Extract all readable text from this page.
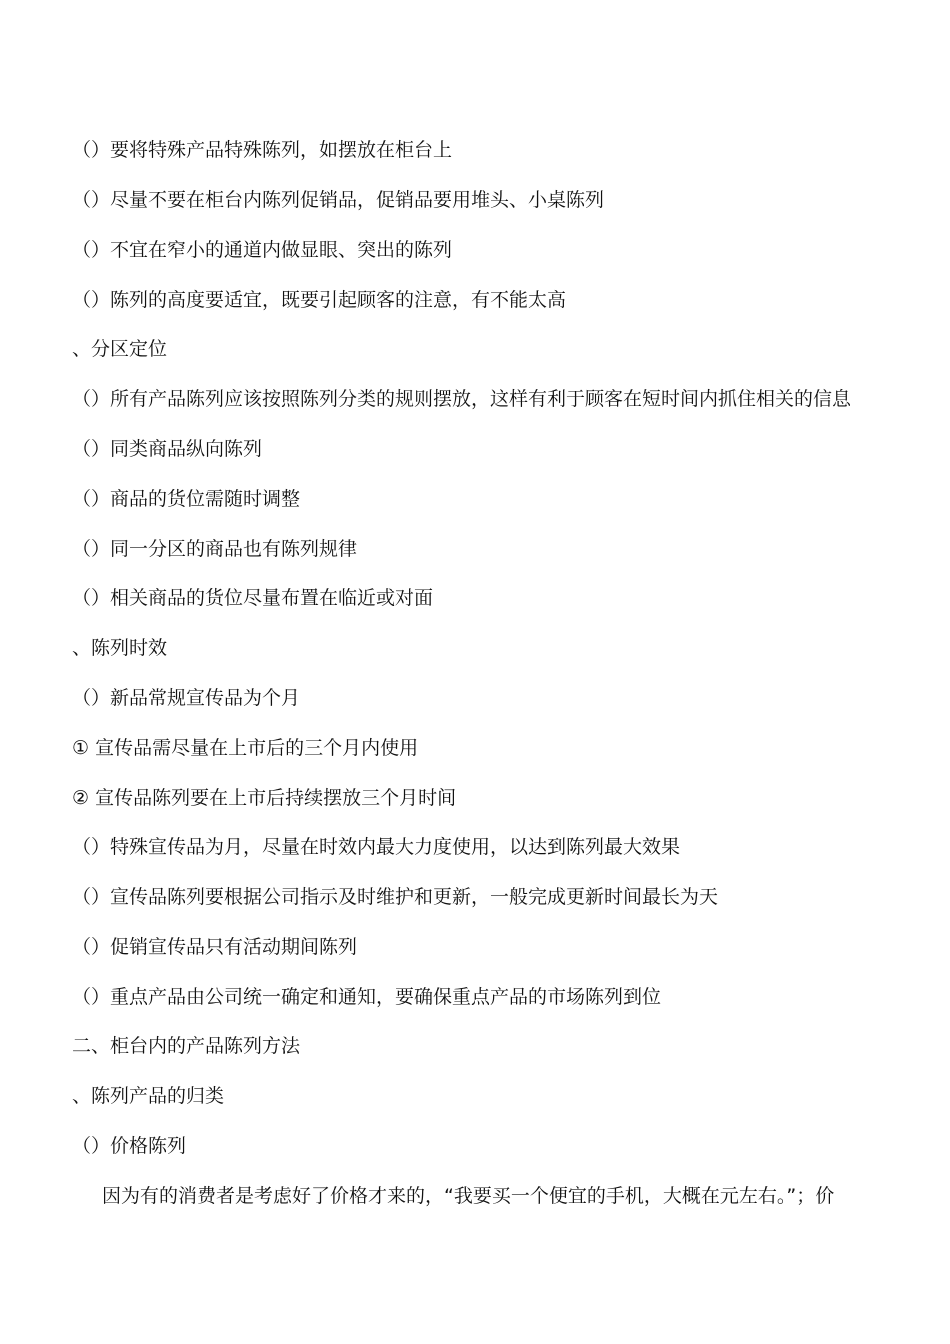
（）要将特殊产品特殊陈列，如摆放在柜台上
（）尽量不要在柜台内陈列促销品，促销品要用堆头、小桌陈列
（）不宜在窄小的通道内做显眼、突出的陈列
（）陈列的高度要适宜，既要引起顾客的注意，有不能太高
、分区定位
（）所有产品陈列应该按照陈列分类的规则摆放，这样有利于顾客在短时间内抓住相关的信息
（）同类商品纵向陈列
（）商品的货位需随时调整
（）同一分区的商品也有陈列规律
（）相关商品的货位尽量布置在临近或对面
、陈列时效
（）新品常规宣传品为个月
① 宣传品需尽量在上市后的三个月内使用
② 宣传品陈列要在上市后持续摆放三个月时间
（）特殊宣传品为月，尽量在时效内最大力度使用，以达到陈列最大效果
（）宣传品陈列要根据公司指示及时维护和更新，一般完成更新时间最长为天
（）促销宣传品只有活动期间陈列
（）重点产品由公司统一确定和通知，要确保重点产品的市场陈列到位
二、柜台内的产品陈列方法
、陈列产品的归类
（）价格陈列
因为有的消费者是考虑好了价格才来的，“我要买一个便宜的手机，大概在元左右。”；价
